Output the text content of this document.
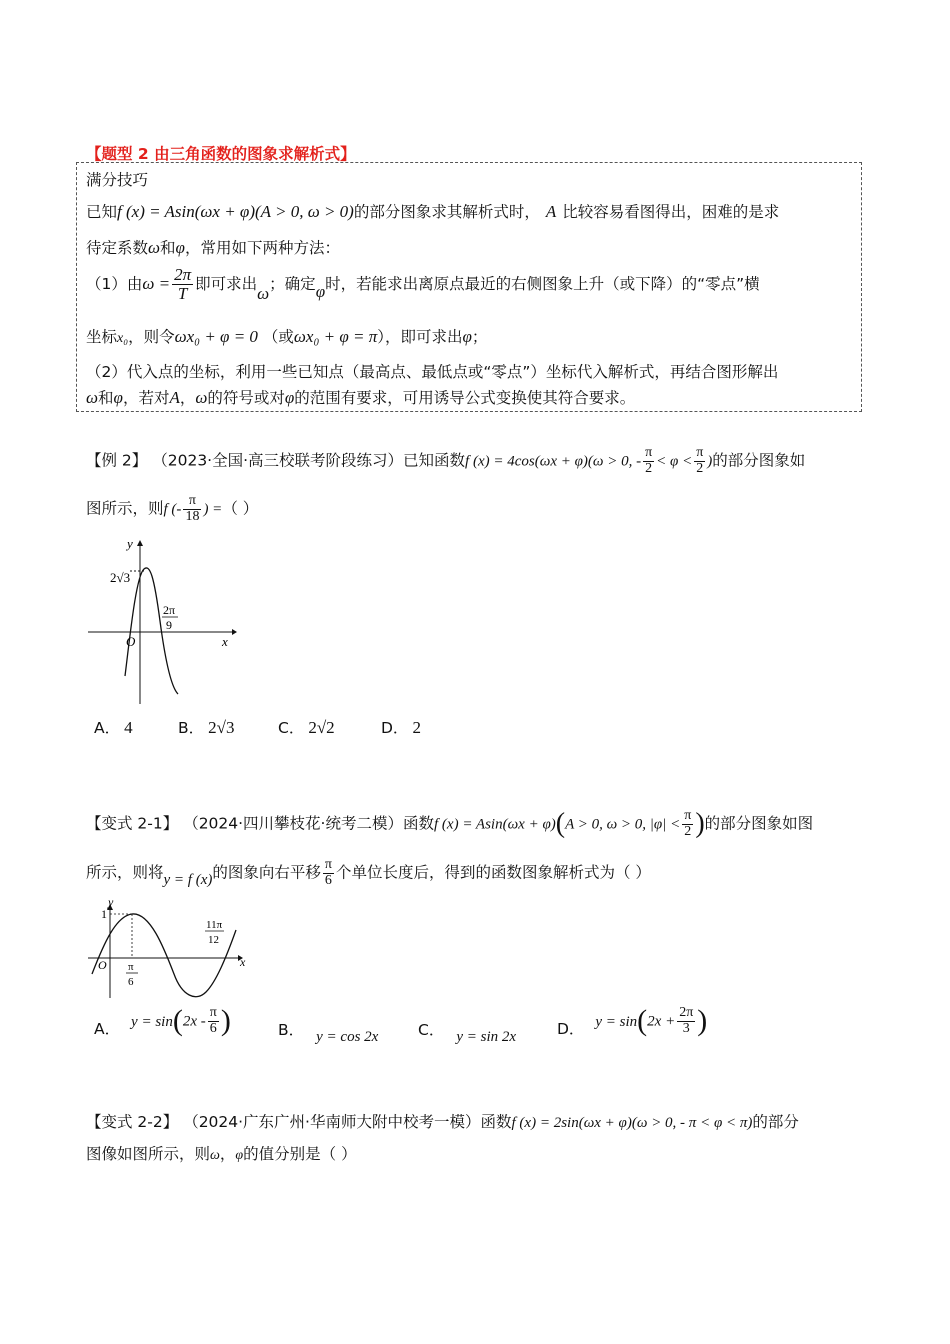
【题型 2 由三角函数的图象求解析式】
满分技巧
已知f (x) = Asin(ωx + φ)(A > 0, ω > 0)的部分图象求其解析式时， A 比较容易看图得出，困难的是求
待定系数ω和φ，常用如下两种方法：
（1）由$\omega = \frac{2\pi}{T}$ 即可求出ω；确定φ时，若能求出离原点最近的右侧图象上升（或下降）的“零点”横
坐标x₀，则令ωx₀ + φ = 0 （或ωx₀ + φ = π），即可求出φ；
（2）代入点的坐标，利用一些已知点（最高点、最低点或“零点”）坐标代入解析式，再结合图形解出
ω和φ，若对A，ω的符号或对φ的范围有要求，可用诱导公式变换使其符合要求。
【例 2】 （2023·全国·高三校联考阶段练习）已知函数f (x) = 4cos(ωx + φ)(ω > 0, - $\frac{\pi}{2} < \varphi < \frac{\pi}{2}$ )的部分图象如
图所示，则f (- $\frac{\pi}{18}$ ) =（ ）
y
x
O
2√3
2π
9
A． 4	B． 2√3	C． 2√2	D． 2
【变式 2-1】 （2024·四川攀枝花·统考二模）函数f (x) = Asin(ωx + φ)(A > 0, ω > 0, $|\varphi| < \frac{\pi}{2}$ )的部分图象如图
所示，则将y = f (x)的图象向右平移 $\frac{\pi}{6}$ 个单位长度后，得到的函数图象解析式为（ ）
y
x
O
1
π
6
11π
12
A． $y = \sin(2x - \frac{\pi}{6}$ )	B． y = cos 2x	C． y = sin 2x	D． $y = \sin(2x + \frac{2\pi}{3}$ )
【变式 2-2】 （2024·广东广州·华南师大附中校考一模）函数f (x) = 2sin(ωx + φ)(ω > 0, - π < φ < π)的部分
图像如图所示，则ω，φ的值分别是（ ）
